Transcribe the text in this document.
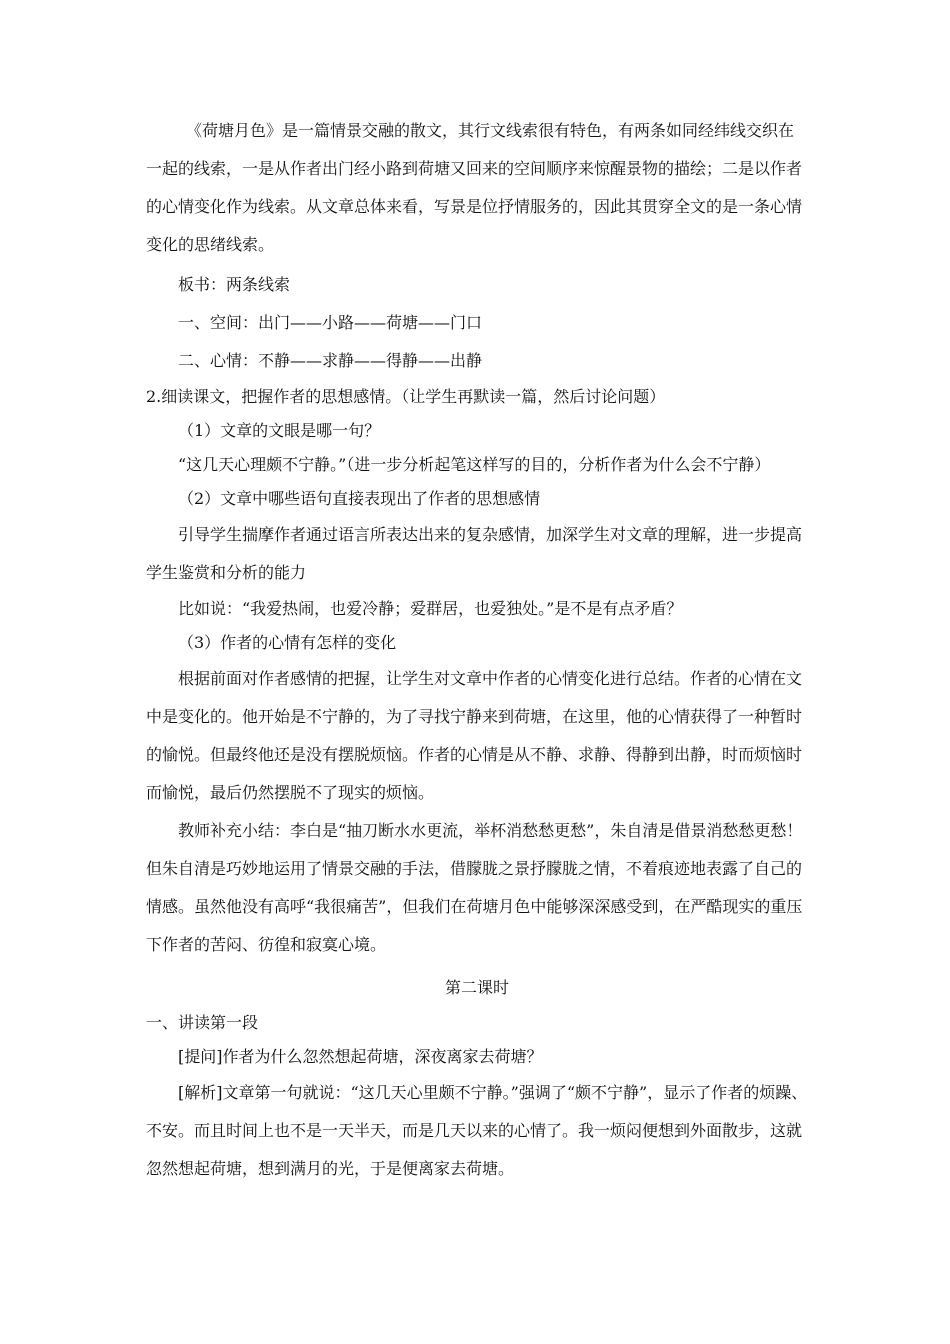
《荷塘月色》是一篇情景交融的散文，其行文线索很有特色，有两条如同经纬线交织在一起的线索，一是从作者出门经小路到荷塘又回来的空间顺序来惊醒景物的描绘；二是以作者的心情变化作为线索。从文章总体来看，写景是位抒情服务的，因此其贯穿全文的是一条心情变化的思绪线索。

板书：两条线索

一、空间：出门——小路——荷塘——门口

二、心情：不静——求静——得静——出静

2.细读课文，把握作者的思想感情。（让学生再默读一篇，然后讨论问题）

（1）文章的文眼是哪一句？

“这几天心理颇不宁静。”（进一步分析起笔这样写的目的，分析作者为什么会不宁静）

（2）文章中哪些语句直接表现出了作者的思想感情

引导学生揣摩作者通过语言所表达出来的复杂感情，加深学生对文章的理解，进一步提高学生鉴赏和分析的能力

比如说：“我爱热闹，也爱冷静；爱群居，也爱独处。”是不是有点矛盾？

（3）作者的心情有怎样的变化

根据前面对作者感情的把握，让学生对文章中作者的心情变化进行总结。作者的心情在文中是变化的。他开始是不宁静的，为了寻找宁静来到荷塘，在这里，他的心情获得了一种暂时的愉悦。但最终他还是没有摆脱烦恼。作者的心情是从不静、求静、得静到出静，时而烦恼时而愉悦，最后仍然摆脱不了现实的烦恼。

教师补充小结：李白是“抽刀断水水更流，举杯消愁愁更愁”，朱自清是借景消愁愁更愁！但朱自清是巧妙地运用了情景交融的手法，借朦胧之景抒朦胧之情，不着痕迹地表露了自己的情感。虽然他没有高呼“我很痛苦”，但我们在荷塘月色中能够深深感受到，在严酷现实的重压下作者的苦闷、彷徨和寂寞心境。

第二课时

一、讲读第一段

[提问]作者为什么忽然想起荷塘，深夜离家去荷塘？

[解析]文章第一句就说：“这几天心里颇不宁静。”强调了“颇不宁静”，显示了作者的烦躁、不安。而且时间上也不是一天半天，而是几天以来的心情了。我一烦闷便想到外面散步，这就忽然想起荷塘，想到满月的光，于是便离家去荷塘。
